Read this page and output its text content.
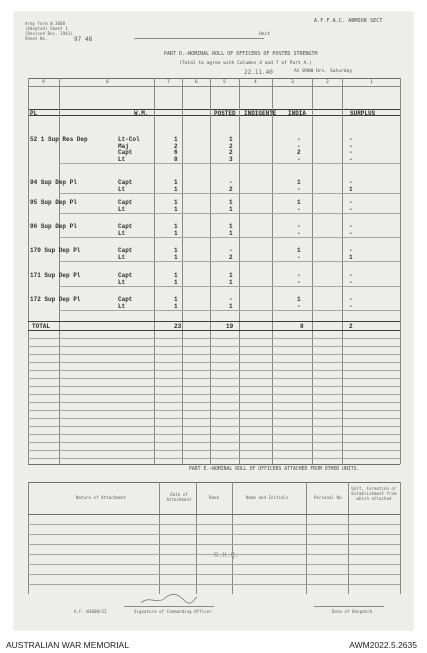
A.F.F.A.C. ARMOUR SECT
Army Form W.3008
(Adopted) Sheet 1
(Revised Dec. 1943)
Sheet No.	97 48
Unit
PART D.—NOMINAL ROLL OF OFFICERS OF POSTED STRENGTH
(Total to agree with Columns 4 and 7 of Part A.)
At 0900 Hrs. Saturday
22.11.40
9	8	7	6	5	4	3	2	1
PL	W.M.	POSTED INDIGENTE INDIA	SURPLUS
52 1 Sup Res Dep	Lt-Col	1	1	-	-
Maj	2	2	-	-
Capt	6	2	2	-
Lt	8	3	-	-
94 Sup Dep Pl	Capt	1	-	1	-
Lt	1	2	-	1
95 Sup Dep Pl	Capt	1	1	1	-
Lt	1	1	-	-
96 Sup Dep Pl	Capt	1	1	-	-
Lt	1	1	-	-
170 Sup Dep Pl	Capt	1	-	1	-
Lt	1	2	-	1
171 Sup Dep Pl	Capt	1	1	-	-
Lt	1	1	-	-
172 Sup Dep Pl	Capt	1	-	1	-
Lt	1	1	-	-
TOTAL	23	19	8	2
PART E.—NOMINAL ROLL OF OFFICERS ATTACHED FROM OTHER UNITS.
Nature of Attachment
Date of Attachment	Rank	Name and Initials	Personal No.
Unit, Formation or Establishment from which attached
G.H.Q.
Signature of Commanding Officer
A.F. W3008/22	Date of Despatch
AUSTRALIAN WAR MEMORIAL	AWM2022.5.2635
